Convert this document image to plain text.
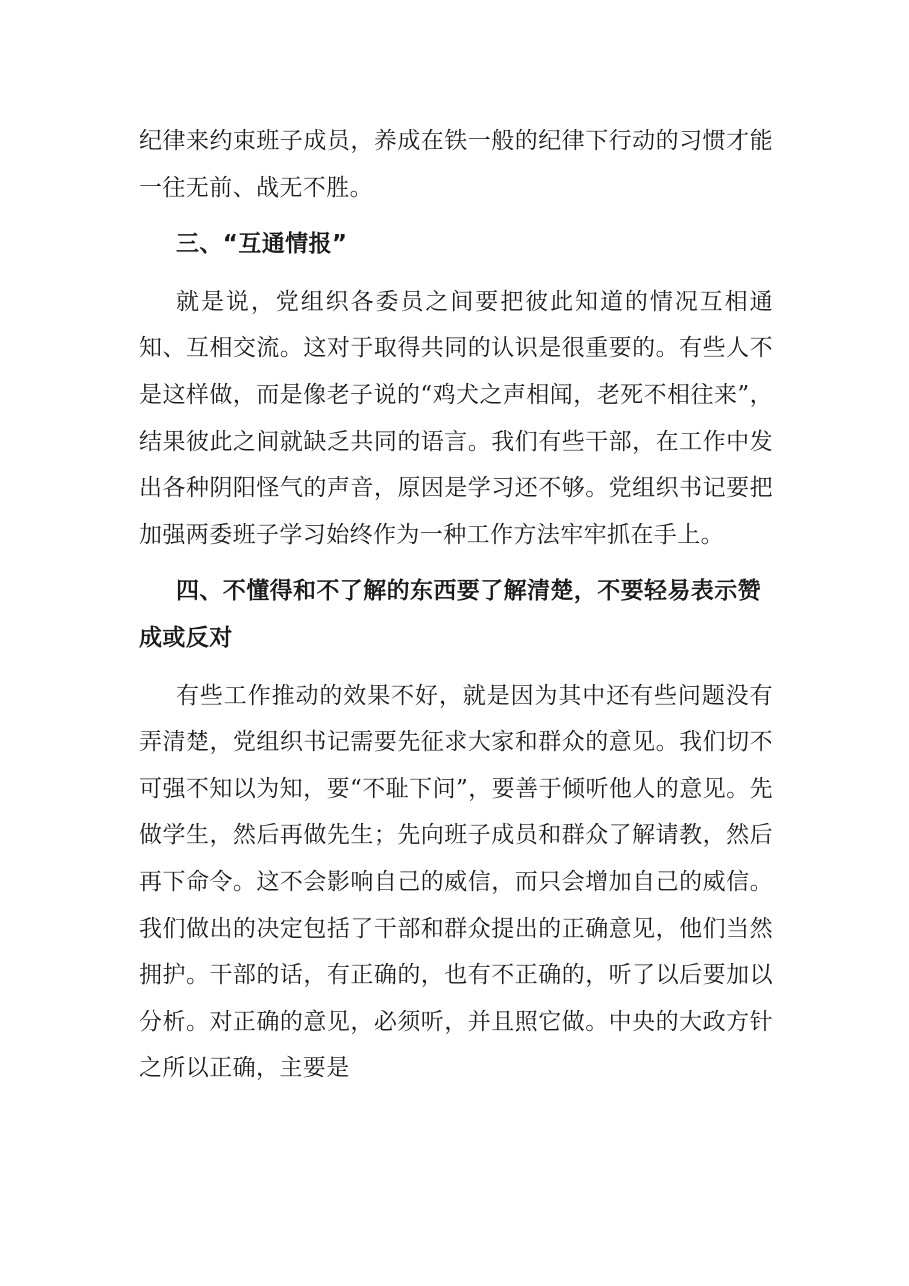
纪律来约束班子成员，养成在铁一般的纪律下行动的习惯才能一往无前、战无不胜。

三、“互通情报”

就是说，党组织各委员之间要把彼此知道的情况互相通知、互相交流。这对于取得共同的认识是很重要的。有些人不是这样做，而是像老子说的“鸡犬之声相闻，老死不相往来”，结果彼此之间就缺乏共同的语言。我们有些干部，在工作中发出各种阴阳怪气的声音，原因是学习还不够。党组织书记要把加强两委班子学习始终作为一种工作方法牢牢抓在手上。

四、不懂得和不了解的东西要了解清楚，不要轻易表示赞成或反对

有些工作推动的效果不好，就是因为其中还有些问题没有弄清楚，党组织书记需要先征求大家和群众的意见。我们切不可强不知以为知，要“不耻下问”，要善于倾听他人的意见。先做学生，然后再做先生；先向班子成员和群众了解请教，然后再下命令。这不会影响自己的威信，而只会增加自己的威信。我们做出的决定包括了干部和群众提出的正确意见，他们当然拥护。干部的话，有正确的，也有不正确的，听了以后要加以分析。对正确的意见，必须听，并且照它做。中央的大政方针之所以正确，主要是
